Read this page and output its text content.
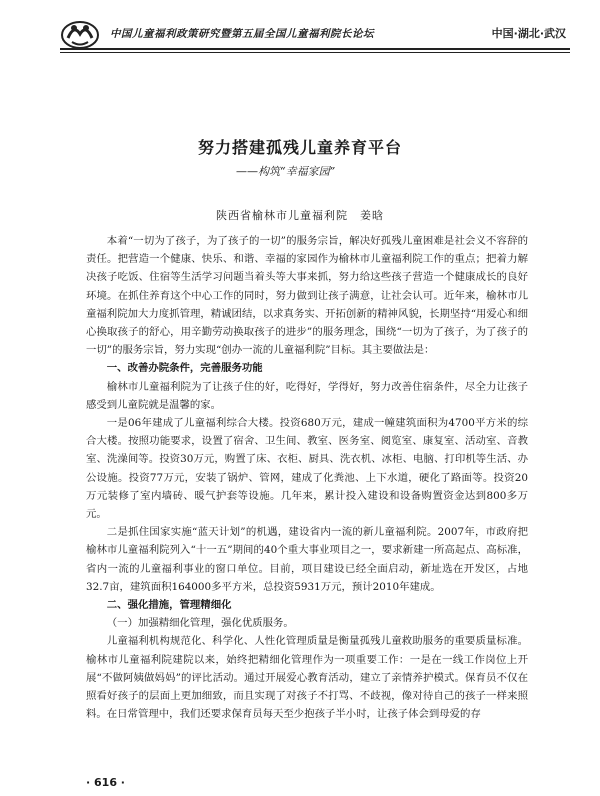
中国儿童福利政策研究暨第五届全国儿童福利院长论坛	中国·湖北·武汉
努力搭建孤残儿童养育平台
——构筑“幸福家园”
陕西省榆林市儿童福利院　姜晗

本着“一切为了孩子，为了孩子的一切”的服务宗旨，解决好孤残儿童困难是社会义不容辞的责任。把营造一个健康、快乐、和谐、幸福的家园作为榆林市儿童福利院工作的重点；把着力解决孩子吃饭、住宿等生活学习问题当着头等大事来抓，努力给这些孩子营造一个健康成长的良好环境。在抓住养育这个中心工作的同时，努力做到让孩子满意，让社会认可。近年来，榆林市儿童福利院加大力度抓管理，精诚团结，以求真务实、开拓创新的精神风貌，长期坚持“用爱心和细心换取孩子的舒心，用辛勤劳动换取孩子的进步”的服务理念，围绕“一切为了孩子，为了孩子的一切”的服务宗旨，努力实现“创办一流的儿童福利院”目标。其主要做法是：

一、改善办院条件，完善服务功能

榆林市儿童福利院为了让孩子住的好，吃得好，学得好，努力改善住宿条件，尽全力让孩子感受到儿童院就是温馨的家。

一是06年建成了儿童福利综合大楼。投资680万元，建成一幢建筑面积为4700平方米的综合大楼。按照功能要求，设置了宿舍、卫生间、教室、医务室、阅览室、康复室、活动室、音教室、洗澡间等。投资30万元，购置了床、衣柜、厨具、洗衣机、冰柜、电脑、打印机等生活、办公设施。投资77万元，安装了锅炉、管网，建成了化粪池、上下水道，硬化了路面等。投资20万元装修了室内墙砖、暖气护套等设施。几年来，累计投入建设和设备购置资金达到800多万元。

二是抓住国家实施“蓝天计划”的机遇，建设省内一流的新儿童福利院。2007年，市政府把榆林市儿童福利院列入“十一五”期间的40个重大事业项目之一，要求新建一所高起点、高标准，省内一流的儿童福利事业的窗口单位。目前，项目建设已经全面启动，新址选在开发区，占地32.7亩，建筑面积164000多平方米，总投资5931万元，预计2010年建成。

二、强化措施，管理精细化

（一）加强精细化管理，强化优质服务。

儿童福利机构规范化、科学化、人性化管理质量是衡量孤残儿童救助服务的重要质量标准。榆林市儿童福利院建院以来，始终把精细化管理作为一项重要工作：一是在一线工作岗位上开展“不做阿姨做妈妈”的评比活动。通过开展爱心教育活动，建立了亲情养护模式。保育员不仅在照看好孩子的层面上更加细致，而且实现了对孩子不打骂、不歧视，像对待自己的孩子一样来照料。在日常管理中，我们还要求保育员每天至少抱孩子半小时，让孩子体会到母爱的存

· 616 ·
